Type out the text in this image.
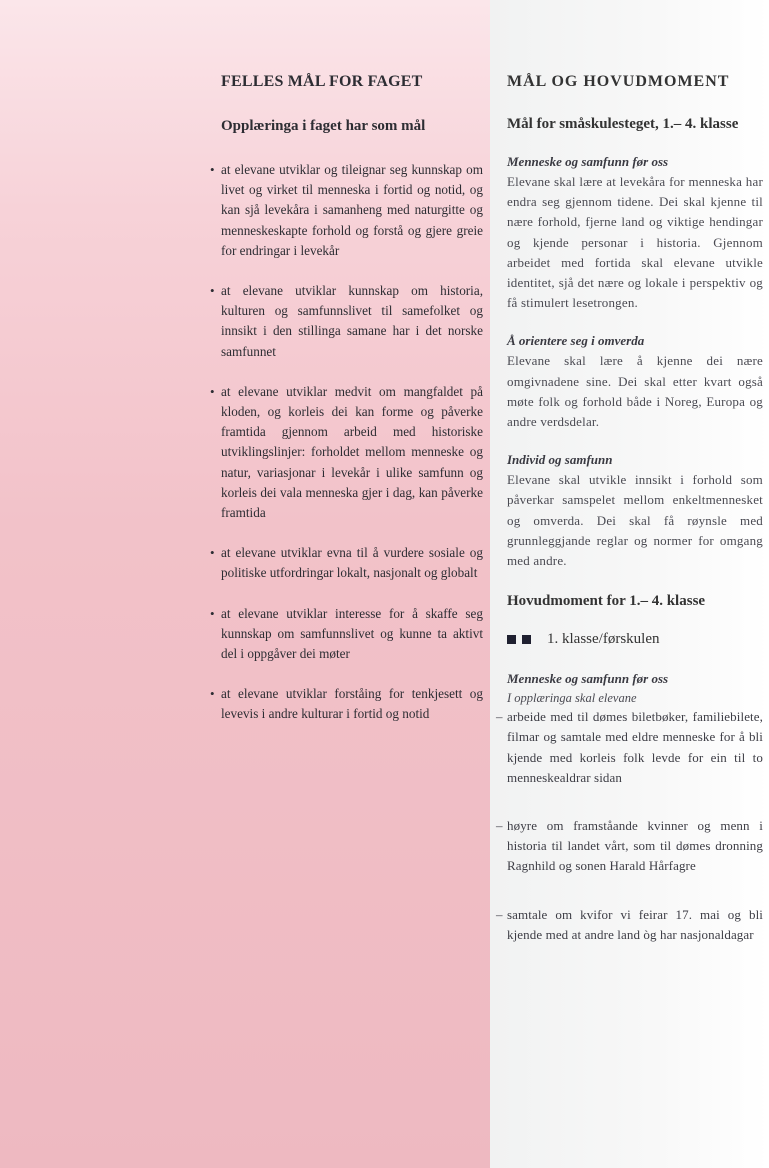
FELLES MÅL FOR FAGET
Opplæringa i faget har som mål
• at elevane utviklar og tileignar seg kunnskap om livet og virket til menneska i fortid og notid, og kan sjå levekåra i samanheng med naturgitte og menneskeskapte forhold og forstå og gjere greie for endringar i levekår
• at elevane utviklar kunnskap om historia, kulturen og samfunnslivet til samefolket og innsikt i den stillinga samane har i det norske samfunnet
• at elevane utviklar medvit om mangfaldet på kloden, og korleis dei kan forme og påverke framtida gjennom arbeid med historiske utviklingslinjer: forholdet mellom menneske og natur, variasjonar i levekår i ulike samfunn og korleis dei vala menneska gjer i dag, kan påverke framtida
• at elevane utviklar evna til å vurdere sosiale og politiske utfordringar lokalt, nasjonalt og globalt
• at elevane utviklar interesse for å skaffe seg kunnskap om samfunnslivet og kunne ta aktivt del i oppgåver dei møter
• at elevane utviklar forståing for tenkjesett og levevis i andre kulturar i fortid og notid
MÅL OG HOVUDMOMENT
Mål for småskulesteget, 1.– 4. klasse
Menneske og samfunn før oss

Elevane skal lære at levekåra for menneska har endra seg gjennom tidene. Dei skal kjenne til nære forhold, fjerne land og viktige hendingar og kjende personar i historia. Gjennom arbeidet med fortida skal elevane utvikle identitet, sjå det nære og lokale i perspektiv og få stimulert lesetrongen.

Å orientere seg i omverda

Elevane skal lære å kjenne dei nære omgivnadene sine. Dei skal etter kvart også møte folk og forhold både i Noreg, Europa og andre verdsdelar.

Individ og samfunn

Elevane skal utvikle innsikt i forhold som påverkar samspelet mellom enkeltmennesket og omverda. Dei skal få røynsle med grunnleggjande reglar og normer for omgang med andre.

Hovudmoment for 1.– 4. klasse
1. klasse/førskulen
Menneske og samfunn før oss
I opplæringa skal elevane
– arbeide med til dømes biletbøker, familiebilete, filmar og samtale med eldre menneske for å bli kjende med korleis folk levde for ein til to menneskealdrar sidan
– høyre om framståande kvinner og menn i historia til landet vårt, som til dømes dronning Ragnhild og sonen Harald Hårfagre
– samtale om kvifor vi feirar 17. mai og bli kjende med at andre land òg har nasjonaldagar
